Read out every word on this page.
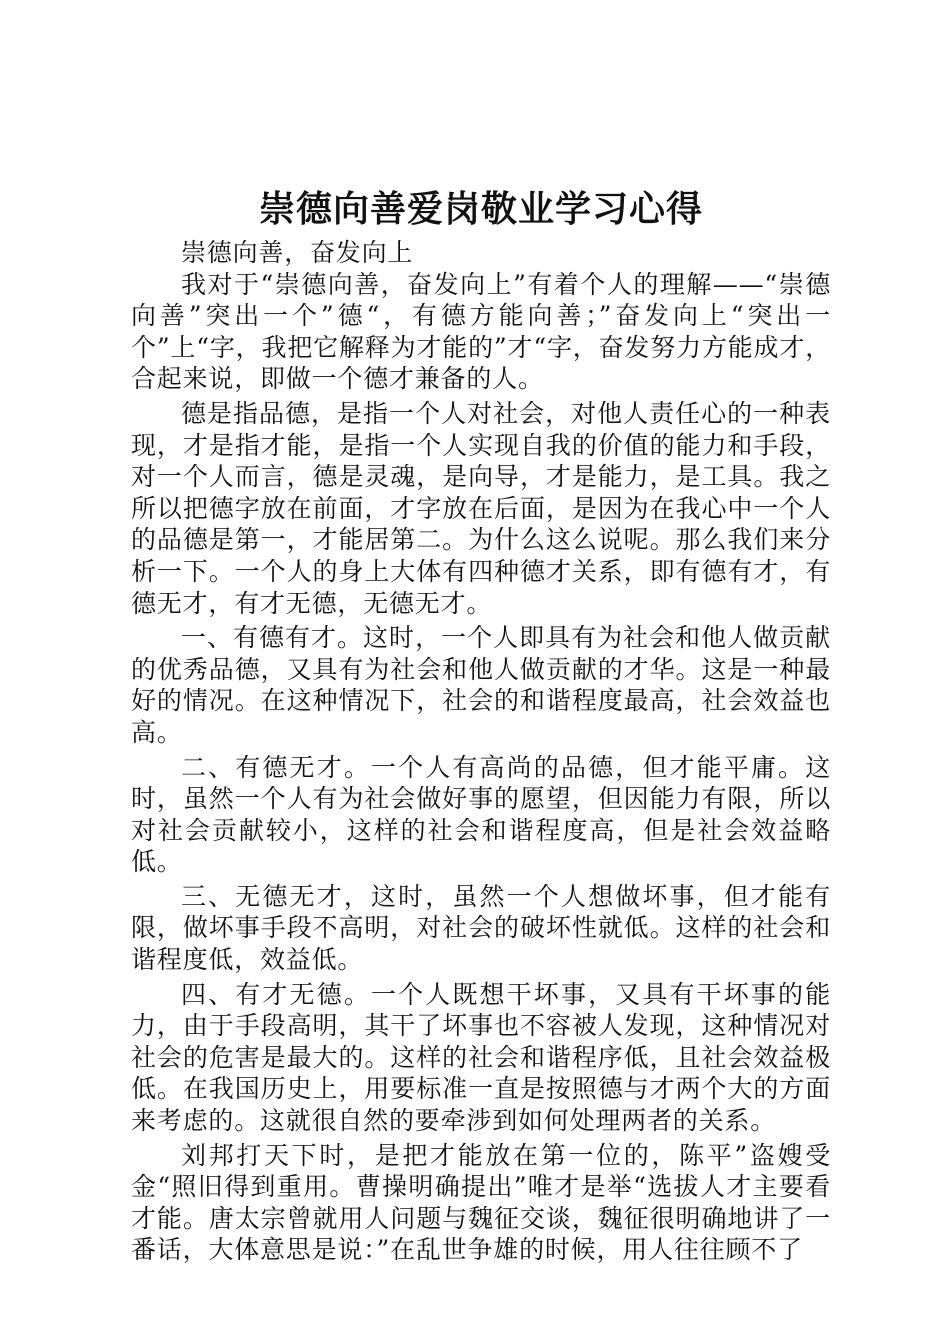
崇德向善爱岗敬业学习心得

崇德向善，奋发向上

我对于“崇德向善，奋发向上”有着个人的理解——“崇德向善”突出一个”德“，有德方能向善；”奋发向上“突出一个”上“字，我把它解释为才能的”才“字，奋发努力方能成才，合起来说，即做一个德才兼备的人。

德是指品德，是指一个人对社会，对他人责任心的一种表现，才是指才能，是指一个人实现自我的价值的能力和手段，对一个人而言，德是灵魂，是向导，才是能力，是工具。我之所以把德字放在前面，才字放在后面，是因为在我心中一个人的品德是第一，才能居第二。为什么这么说呢。那么我们来分析一下。一个人的身上大体有四种德才关系，即有德有才，有德无才，有才无德，无德无才。

一、有德有才。这时，一个人即具有为社会和他人做贡献的优秀品德，又具有为社会和他人做贡献的才华。这是一种最好的情况。在这种情况下，社会的和谐程度最高，社会效益也高。

二、有德无才。一个人有高尚的品德，但才能平庸。这时，虽然一个人有为社会做好事的愿望，但因能力有限，所以对社会贡献较小，这样的社会和谐程度高，但是社会效益略低。

三、无德无才，这时，虽然一个人想做坏事，但才能有限，做坏事手段不高明，对社会的破坏性就低。这样的社会和谐程度低，效益低。

四、有才无德。一个人既想干坏事，又具有干坏事的能力，由于手段高明，其干了坏事也不容被人发现，这种情况对社会的危害是最大的。这样的社会和谐程序低，且社会效益极低。在我国历史上，用要标准一直是按照德与才两个大的方面来考虑的。这就很自然的要牵涉到如何处理两者的关系。

刘邦打天下时，是把才能放在第一位的，陈平”盗嫂受金“照旧得到重用。曹操明确提出”唯才是举“选拔人才主要看才能。唐太宗曾就用人问题与魏征交谈，魏征很明确地讲了一番话，大体意思是说：”在乱世争雄的时候，用人往往顾不了
